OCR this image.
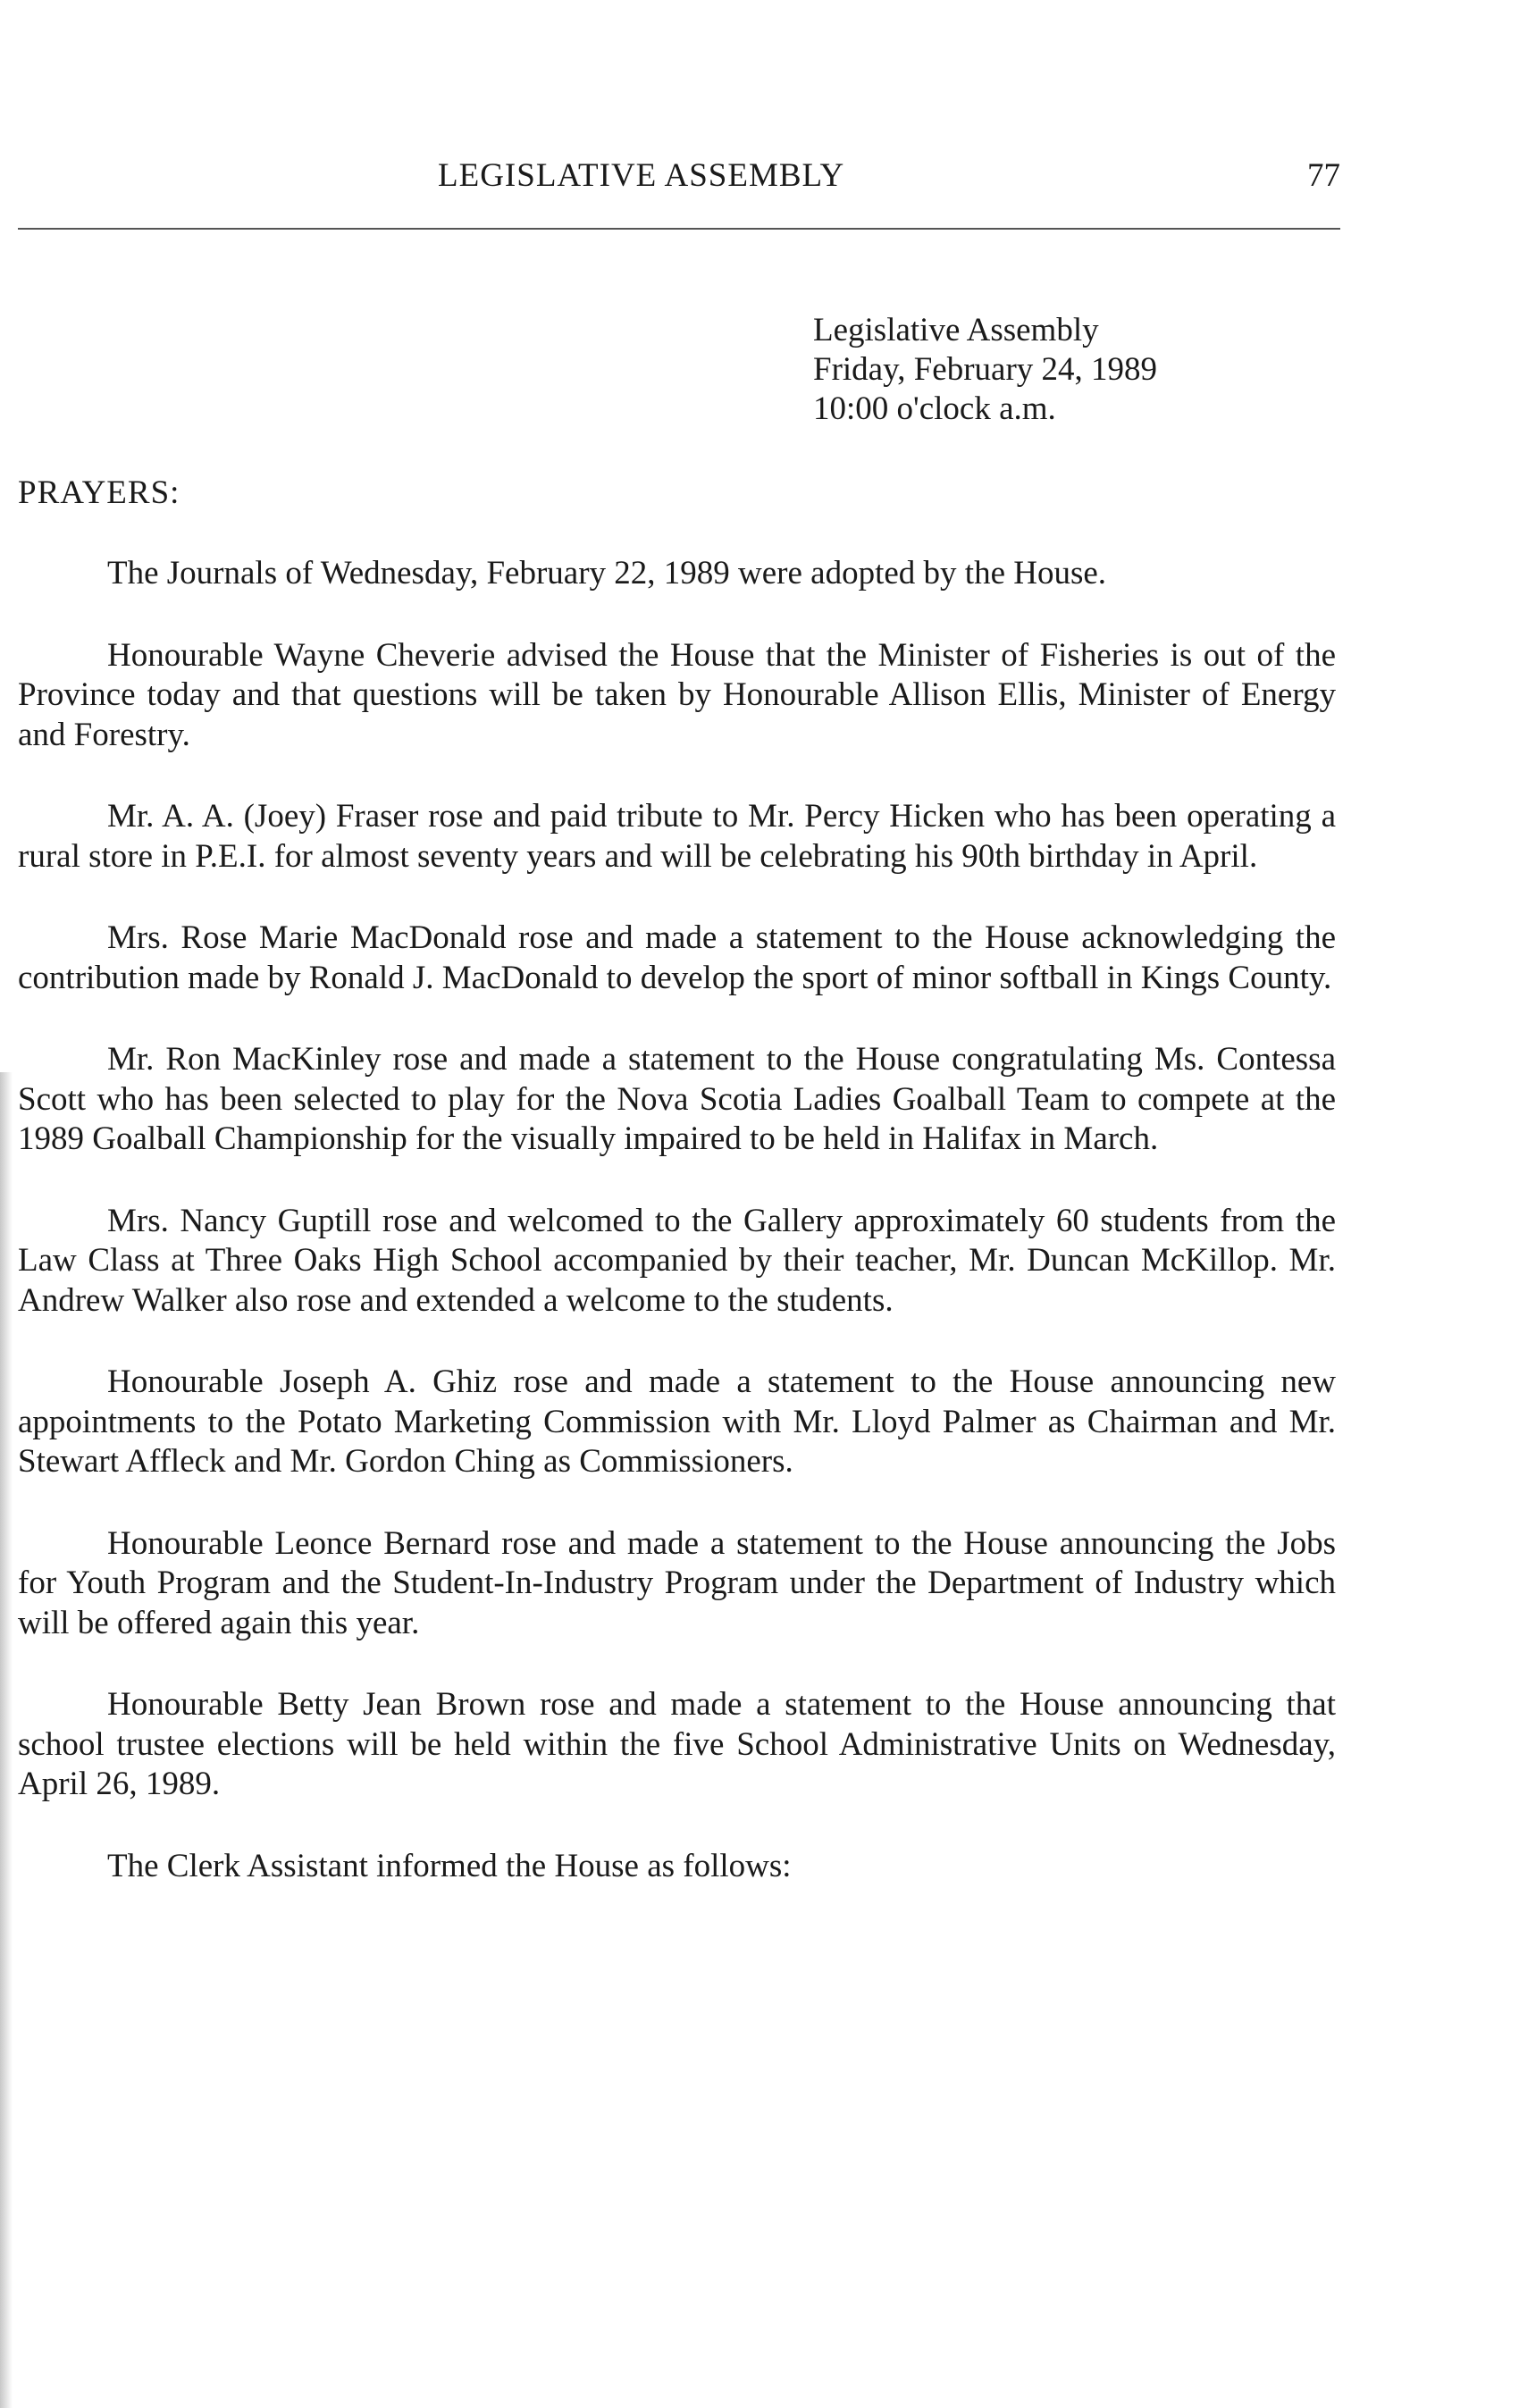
LEGISLATIVE ASSEMBLY	77
Legislative Assembly
Friday, February 24, 1989
10:00 o'clock a.m.
PRAYERS:

The Journals of Wednesday, February 22, 1989 were adopted by the House.

Honourable Wayne Cheverie advised the House that the Minister of Fisheries is out of the Province today and that questions will be taken by Honourable Allison Ellis, Minister of Energy and Forestry.

Mr. A. A. (Joey) Fraser rose and paid tribute to Mr. Percy Hicken who has been operating a rural store in P.E.I. for almost seventy years and will be celebrating his 90th birthday in April.

Mrs. Rose Marie MacDonald rose and made a statement to the House acknowledging the contribution made by Ronald J. MacDonald to develop the sport of minor softball in Kings County.

Mr. Ron MacKinley rose and made a statement to the House congratulating Ms. Contessa Scott who has been selected to play for the Nova Scotia Ladies Goalball Team to compete at the 1989 Goalball Championship for the visually impaired to be held in Halifax in March.

Mrs. Nancy Guptill rose and welcomed to the Gallery approximately 60 students from the Law Class at Three Oaks High School accompanied by their teacher, Mr. Duncan McKillop. Mr. Andrew Walker also rose and extended a welcome to the students.

Honourable Joseph A. Ghiz rose and made a statement to the House announcing new appointments to the Potato Marketing Commission with Mr. Lloyd Palmer as Chairman and Mr. Stewart Affleck and Mr. Gordon Ching as Commissioners.

Honourable Leonce Bernard rose and made a statement to the House announcing the Jobs for Youth Program and the Student-In-Industry Program under the Department of Industry which will be offered again this year.

Honourable Betty Jean Brown rose and made a statement to the House announcing that school trustee elections will be held within the five School Administrative Units on Wednesday, April 26, 1989.

The Clerk Assistant informed the House as follows:
